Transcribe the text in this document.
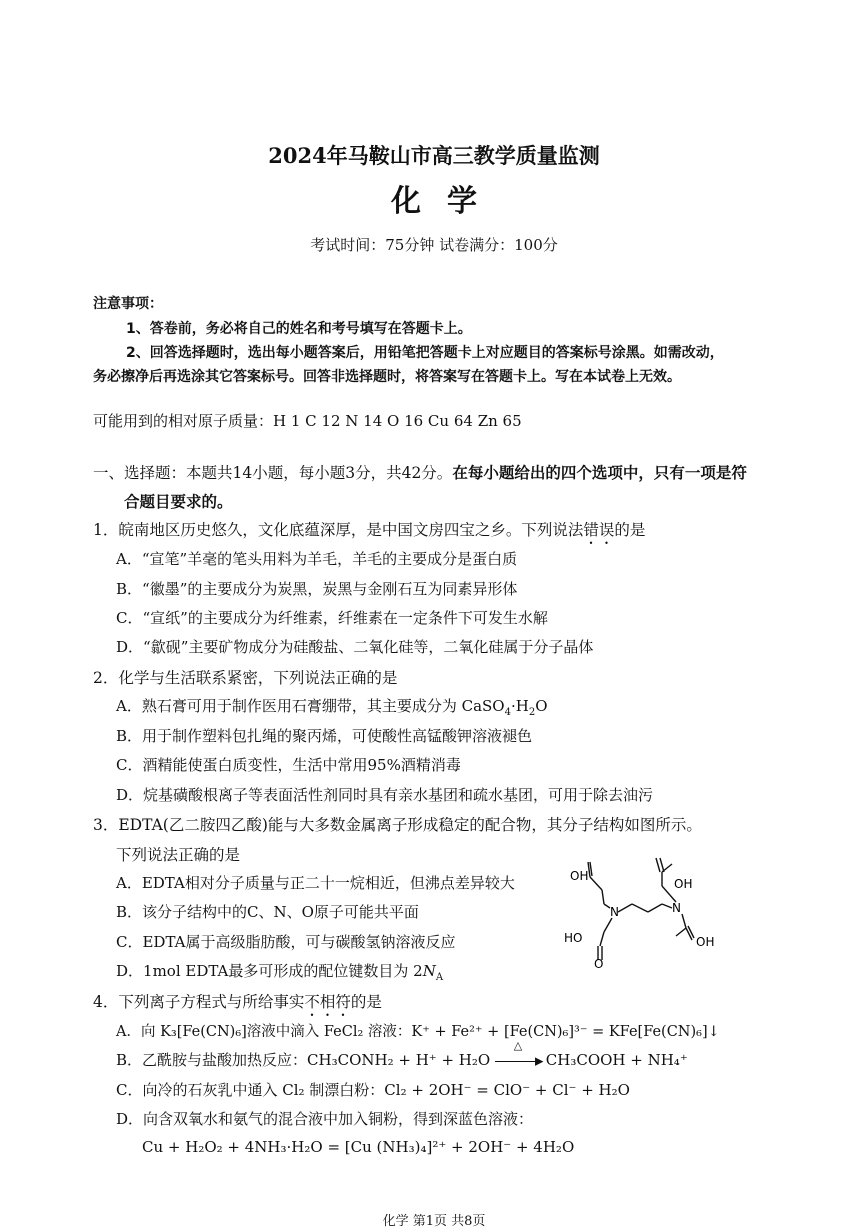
2024年马鞍山市高三教学质量监测
化学
考试时间：75分钟 试卷满分：100分
注意事项：
1、答卷前，务必将自己的姓名和考号填写在答题卡上。
2、回答选择题时，选出每小题答案后，用铅笔把答题卡上对应题目的答案标号涂黑。如需改动，
务必擦净后再选涂其它答案标号。回答非选择题时，将答案写在答题卡上。写在本试卷上无效。
可能用到的相对原子质量：H 1 C 12 N 14 O 16 Cu 64 Zn 65
一、选择题：本题共14小题，每小题3分，共42分。在每小题给出的四个选项中，只有一项是符
合题目要求的。
1．皖南地区历史悠久，文化底蕴深厚，是中国文房四宝之乡。下列说法错误的是
A．“宣笔”羊毫的笔头用料为羊毛，羊毛的主要成分是蛋白质
B．“徽墨”的主要成分为炭黑，炭黑与金刚石互为同素异形体
C．“宣纸”的主要成分为纤维素，纤维素在一定条件下可发生水解
D．“歙砚”主要矿物成分为硅酸盐、二氧化硅等，二氧化硅属于分子晶体
2．化学与生活联系紧密，下列说法正确的是
A．熟石膏可用于制作医用石膏绷带，其主要成分为 $CaSO_4\cdot H_2O$
B．用于制作塑料包扎绳的聚丙烯，可使酸性高锰酸钾溶液褪色
C．酒精能使蛋白质变性，生活中常用95%酒精消毒
D．烷基磺酸根离子等表面活性剂同时具有亲水基团和疏水基团，可用于除去油污
3．EDTA(乙二胺四乙酸)能与大多数金属离子形成稳定的配合物，其分子结构如图所示。
下列说法正确的是
A．EDTA相对分子质量与正二十一烷相近，但沸点差异较大
B．该分子结构中的C、N、O原子可能共平面
C．EDTA属于高级脂肪酸，可与碳酸氢钠溶液反应
D．1mol EDTA最多可形成的配位键数目为 $2N_A$
OH
N	N
OH
HO
O
OH
4．下列离子方程式与所给事实不相符的是
A．向 K₃[Fe(CN)₆]溶液中滴入 FeCl₂ 溶液：K⁺ + Fe²⁺ + [Fe(CN)₆]³⁻ = KFe[Fe(CN)₆]↓
B．乙酰胺与盐酸加热反应：CH₃CONH₂ + H⁺ + H₂O
△
▶ CH₃COOH + NH₄⁺
C．向冷的石灰乳中通入 Cl₂ 制漂白粉：Cl₂ + 2OH⁻ = ClO⁻ + Cl⁻ + H₂O
D．向含双氧水和氨气的混合液中加入铜粉，得到深蓝色溶液：
Cu + H₂O₂ + 4NH₃·H₂O = [Cu (NH₃)₄]²⁺ + 2OH⁻ + 4H₂O
化学 第1页 共8页
